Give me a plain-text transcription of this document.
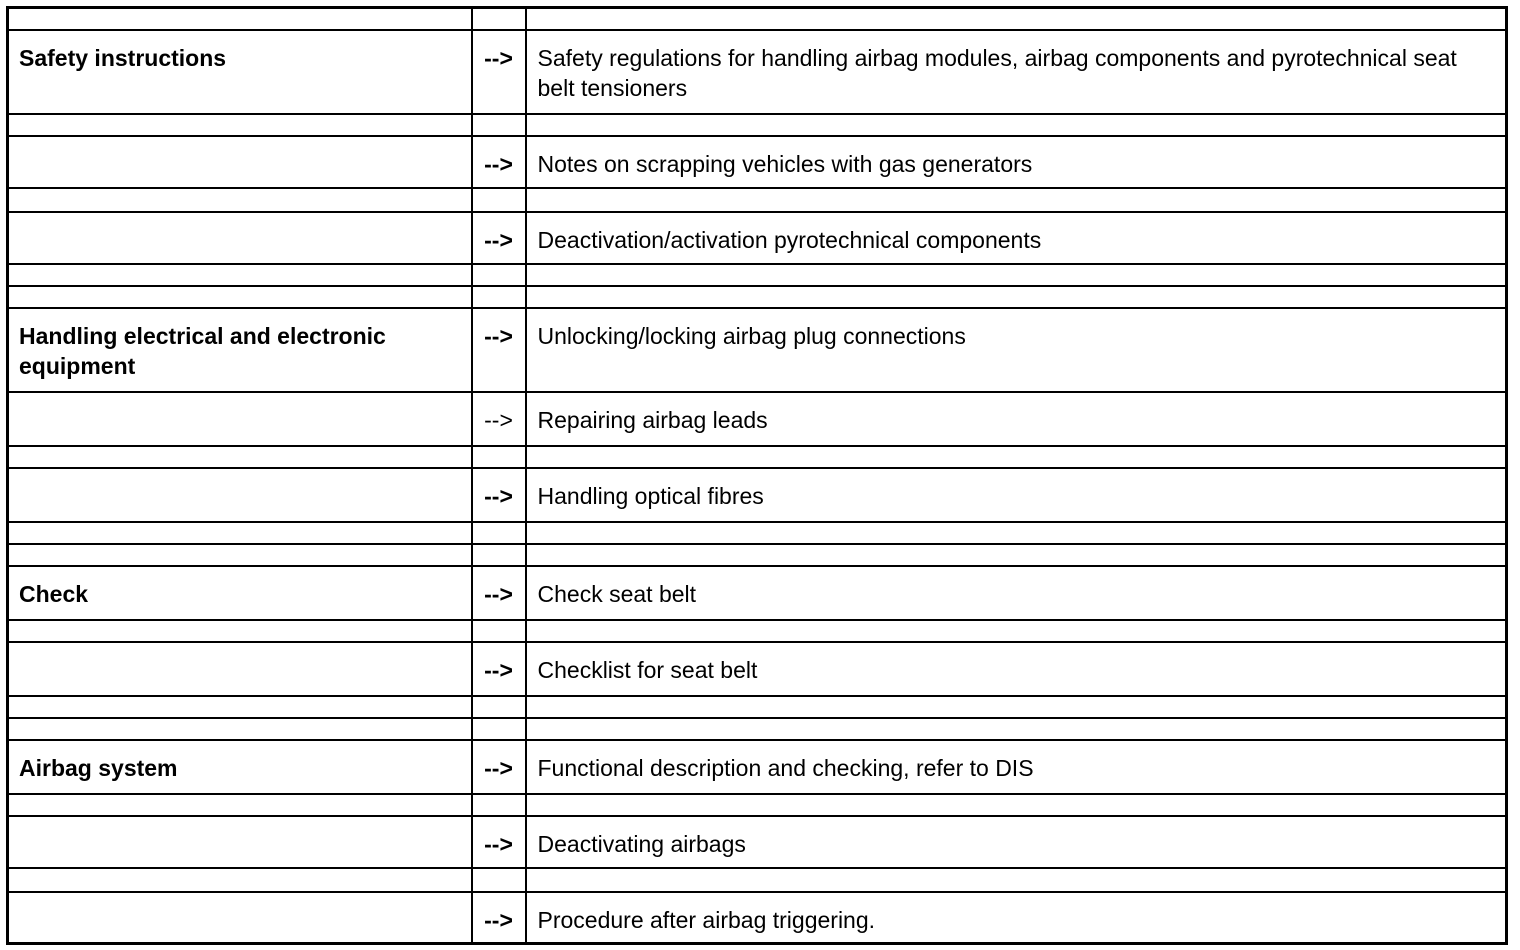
Safety instructions	-->	Safety regulations for handling airbag modules, airbag components and pyrotechnical seat belt tensioners

	-->	Notes on scrapping vehicles with gas generators

	-->	Deactivation/activation pyrotechnical components

Handling electrical and electronic equipment	-->	Unlocking/locking airbag plug connections
	-->	Repairing airbag leads

	-->	Handling optical fibres

Check	-->	Check seat belt

	-->	Checklist for seat belt

Airbag system	-->	Functional description and checking, refer to DIS

	-->	Deactivating airbags

	-->	Procedure after airbag triggering.
